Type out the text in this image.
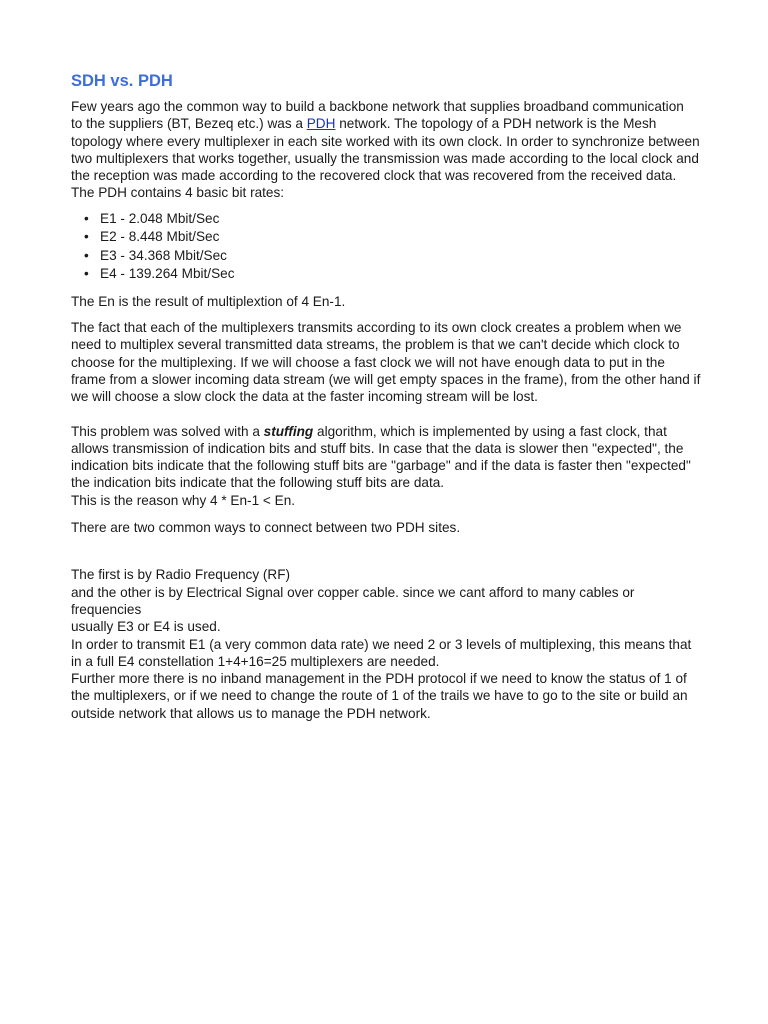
SDH vs. PDH

Few years ago the common way to build a backbone network that supplies broadband communication

to the suppliers (BT, Bezeq etc.) was a PDH network. The topology of a PDH network is the Mesh

topology where every multiplexer in each site worked with its own clock. In order to synchronize between two multiplexers that works together, usually the transmission was made according to the local clock and the reception was made according to the recovered clock that was recovered from the received data.

The PDH contains 4 basic bit rates:

• E1 - 2.048 Mbit/Sec
• E2 - 8.448 Mbit/Sec
• E3 - 34.368 Mbit/Sec
• E4 - 139.264 Mbit/Sec

The En is the result of multiplextion of 4 En-1.

The fact that each of the multiplexers transmits according to its own clock creates a problem when we need to multiplex several transmitted data streams, the problem is that we can't decide which clock to choose for the multiplexing. If we will choose a fast clock we will not have enough data to put in the frame from a slower incoming data stream (we will get empty spaces in the frame), from the other hand if we will choose a slow clock the data at the faster incoming stream will be lost.

This problem was solved with a stuffing algorithm, which is implemented by using a fast clock, that allows transmission of indication bits and stuff bits. In case that the data is slower then "expected", the indication bits indicate that the following stuff bits are "garbage" and if the data is faster then "expected" the indication bits indicate that the following stuff bits are data.

This is the reason why 4 * En-1 < En.

There are two common ways to connect between two PDH sites.

The first is by Radio Frequency (RF)

and the other is by Electrical Signal over copper cable. since we cant afford to many cables or frequencies

usually E3 or E4 is used.

In order to transmit E1 (a very common data rate) we need 2 or 3 levels of multiplexing, this means that

in a full E4 constellation 1+4+16=25 multiplexers are needed.

Further more there is no inband management in the PDH protocol if we need to know the status of 1 of the multiplexers, or if we need to change the route of 1 of the trails we have to go to the site or build an

outside network that allows us to manage the PDH network.
